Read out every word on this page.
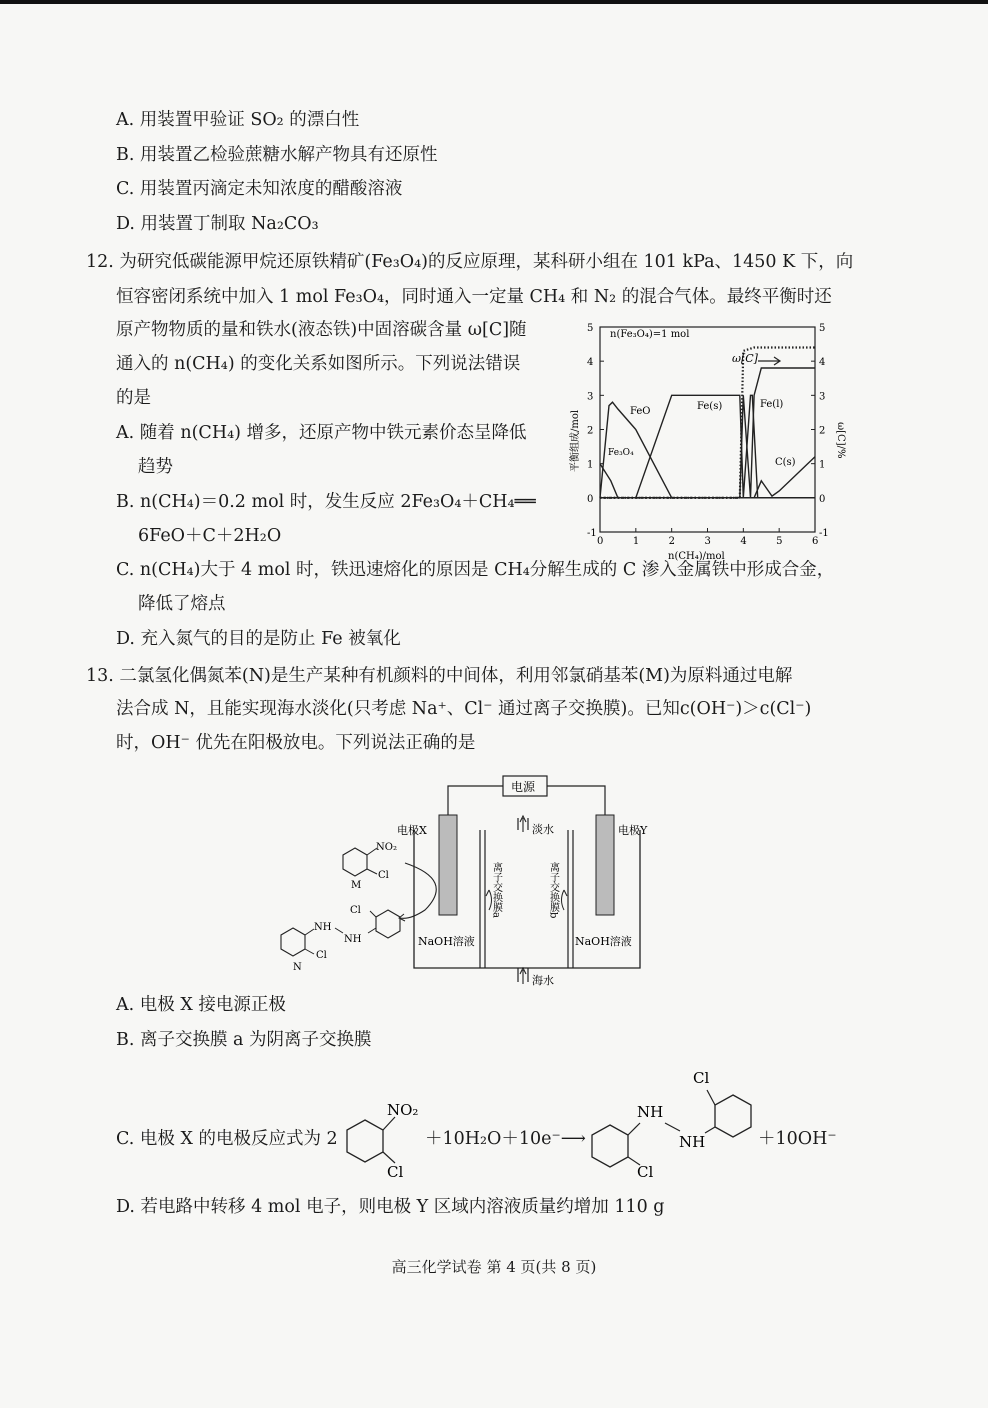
A. 用装置甲验证 SO₂ 的漂白性
B. 用装置乙检验蔗糖水解产物具有还原性
C. 用装置丙滴定未知浓度的醋酸溶液
D. 用装置丁制取 Na₂CO₃
12. 为研究低碳能源甲烷还原铁精矿(Fe₃O₄)的反应原理，某科研小组在 101 kPa、1450 K 下，向
恒容密闭系统中加入 1 mol Fe₃O₄，同时通入一定量 CH₄ 和 N₂ 的混合气体。最终平衡时还
原产物物质的量和铁水(液态铁)中固溶碳含量 ω[C]随
通入的 n(CH₄) 的变化关系如图所示。下列说法错误
的是
A. 随着 n(CH₄) 增多，还原产物中铁元素价态呈降低
趋势
B. n(CH₄)＝0.2 mol 时，发生反应 2Fe₃O₄＋CH₄══
6FeO＋C＋2H₂O
C. n(CH₄)大于 4 mol 时，铁迅速熔化的原因是 CH₄分解生成的 C 渗入金属铁中形成合金，
降低了熔点
D. 充入氮气的目的是防止 Fe 被氧化
0	1	2	3	4	5	6
-1
0
1
2
3
4
5
-1
0
1
2
3
4
5
n(Fe₃O₄)=1 mol
平衡组成/mol	ω[C]/%
n(CH₄)/mol
ω[C]
FeO
Fe₃O₄
Fe(s)	Fe(l)
C(s)
13. 二氯氢化偶氮苯(N)是生产某种有机颜料的中间体，利用邻氯硝基苯(M)为原料通过电解
法合成 N，且能实现海水淡化(只考虑 Na⁺、Cl⁻ 通过离子交换膜)。已知c(OH⁻)＞c(Cl⁻)
时，OH⁻ 优先在阳极放电。下列说法正确的是
电源
电极X	电极Y
淡水
海水
离子交换膜a	离子交换膜b
NaOH溶液	NaOH溶液
NO₂
Cl
M
NH
NH
Cl
Cl
N
A. 电极 X 接电源正极
B. 离子交换膜 a 为阴离子交换膜
C. 电极 X 的电极反应式为 2
NO₂
Cl
＋10H₂O＋10e⁻⟶
NH
NH
Cl
Cl
＋10OH⁻
D. 若电路中转移 4 mol 电子，则电极 Y 区域内溶液质量约增加 110 g
高三化学试卷 第 4 页(共 8 页)
